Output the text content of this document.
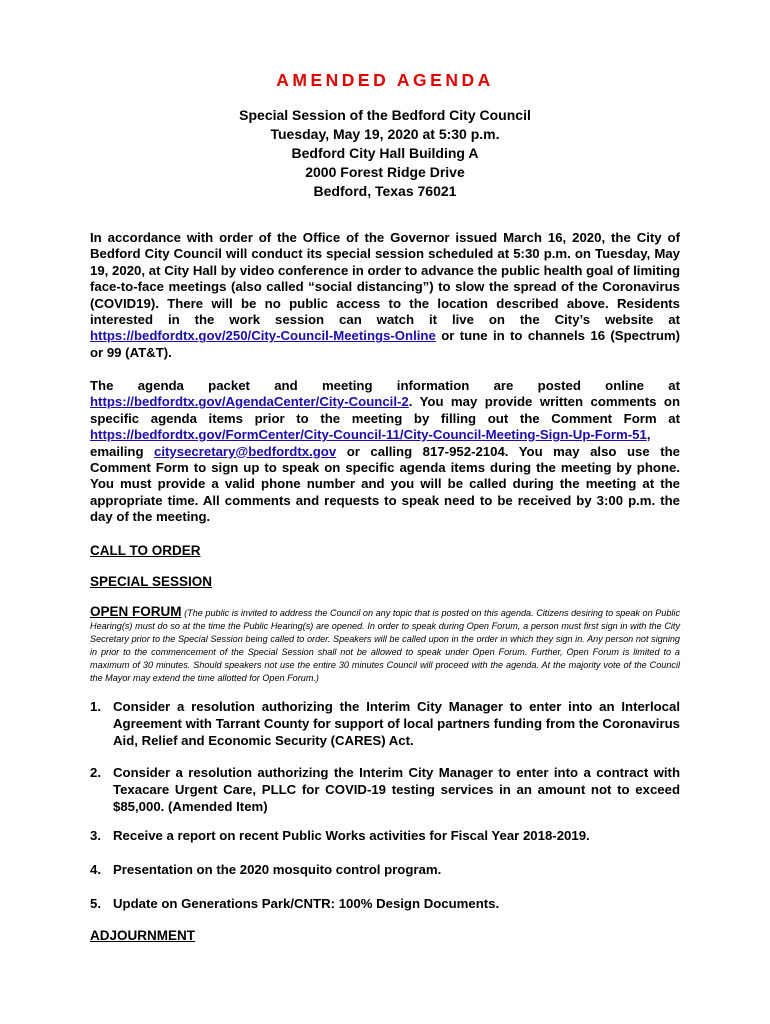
AMENDED AGENDA
Special Session of the Bedford City Council
Tuesday, May 19, 2020 at 5:30 p.m.
Bedford City Hall Building A
2000 Forest Ridge Drive
Bedford, Texas 76021
In accordance with order of the Office of the Governor issued March 16, 2020, the City of Bedford City Council will conduct its special session scheduled at 5:30 p.m. on Tuesday, May 19, 2020, at City Hall by video conference in order to advance the public health goal of limiting face-to-face meetings (also called “social distancing”) to slow the spread of the Coronavirus (COVID19). There will be no public access to the location described above. Residents interested in the work session can watch it live on the City’s website at https://bedfordtx.gov/250/City-Council-Meetings-Online or tune in to channels 16 (Spectrum) or 99 (AT&T).
The agenda packet and meeting information are posted online at https://bedfordtx.gov/AgendaCenter/City-Council-2. You may provide written comments on specific agenda items prior to the meeting by filling out the Comment Form at https://bedfordtx.gov/FormCenter/City-Council-11/City-Council-Meeting-Sign-Up-Form-51, emailing citysecretary@bedfordtx.gov or calling 817-952-2104. You may also use the Comment Form to sign up to speak on specific agenda items during the meeting by phone. You must provide a valid phone number and you will be called during the meeting at the appropriate time. All comments and requests to speak need to be received by 3:00 p.m. the day of the meeting.
CALL TO ORDER
SPECIAL SESSION
OPEN FORUM (The public is invited to address the Council on any topic that is posted on this agenda. Citizens desiring to speak on Public Hearing(s) must do so at the time the Public Hearing(s) are opened. In order to speak during Open Forum, a person must first sign in with the City Secretary prior to the Special Session being called to order. Speakers will be called upon in the order in which they sign in. Any person not signing in prior to the commencement of the Special Session shall not be allowed to speak under Open Forum. Further, Open Forum is limited to a maximum of 30 minutes. Should speakers not use the entire 30 minutes Council will proceed with the agenda. At the majority vote of the Council the Mayor may extend the time allotted for Open Forum.)
1. Consider a resolution authorizing the Interim City Manager to enter into an Interlocal Agreement with Tarrant County for support of local partners funding from the Coronavirus Aid, Relief and Economic Security (CARES) Act.
2. Consider a resolution authorizing the Interim City Manager to enter into a contract with Texacare Urgent Care, PLLC for COVID-19 testing services in an amount not to exceed $85,000. (Amended Item)
3. Receive a report on recent Public Works activities for Fiscal Year 2018-2019.
4. Presentation on the 2020 mosquito control program.
5. Update on Generations Park/CNTR: 100% Design Documents.
ADJOURNMENT
